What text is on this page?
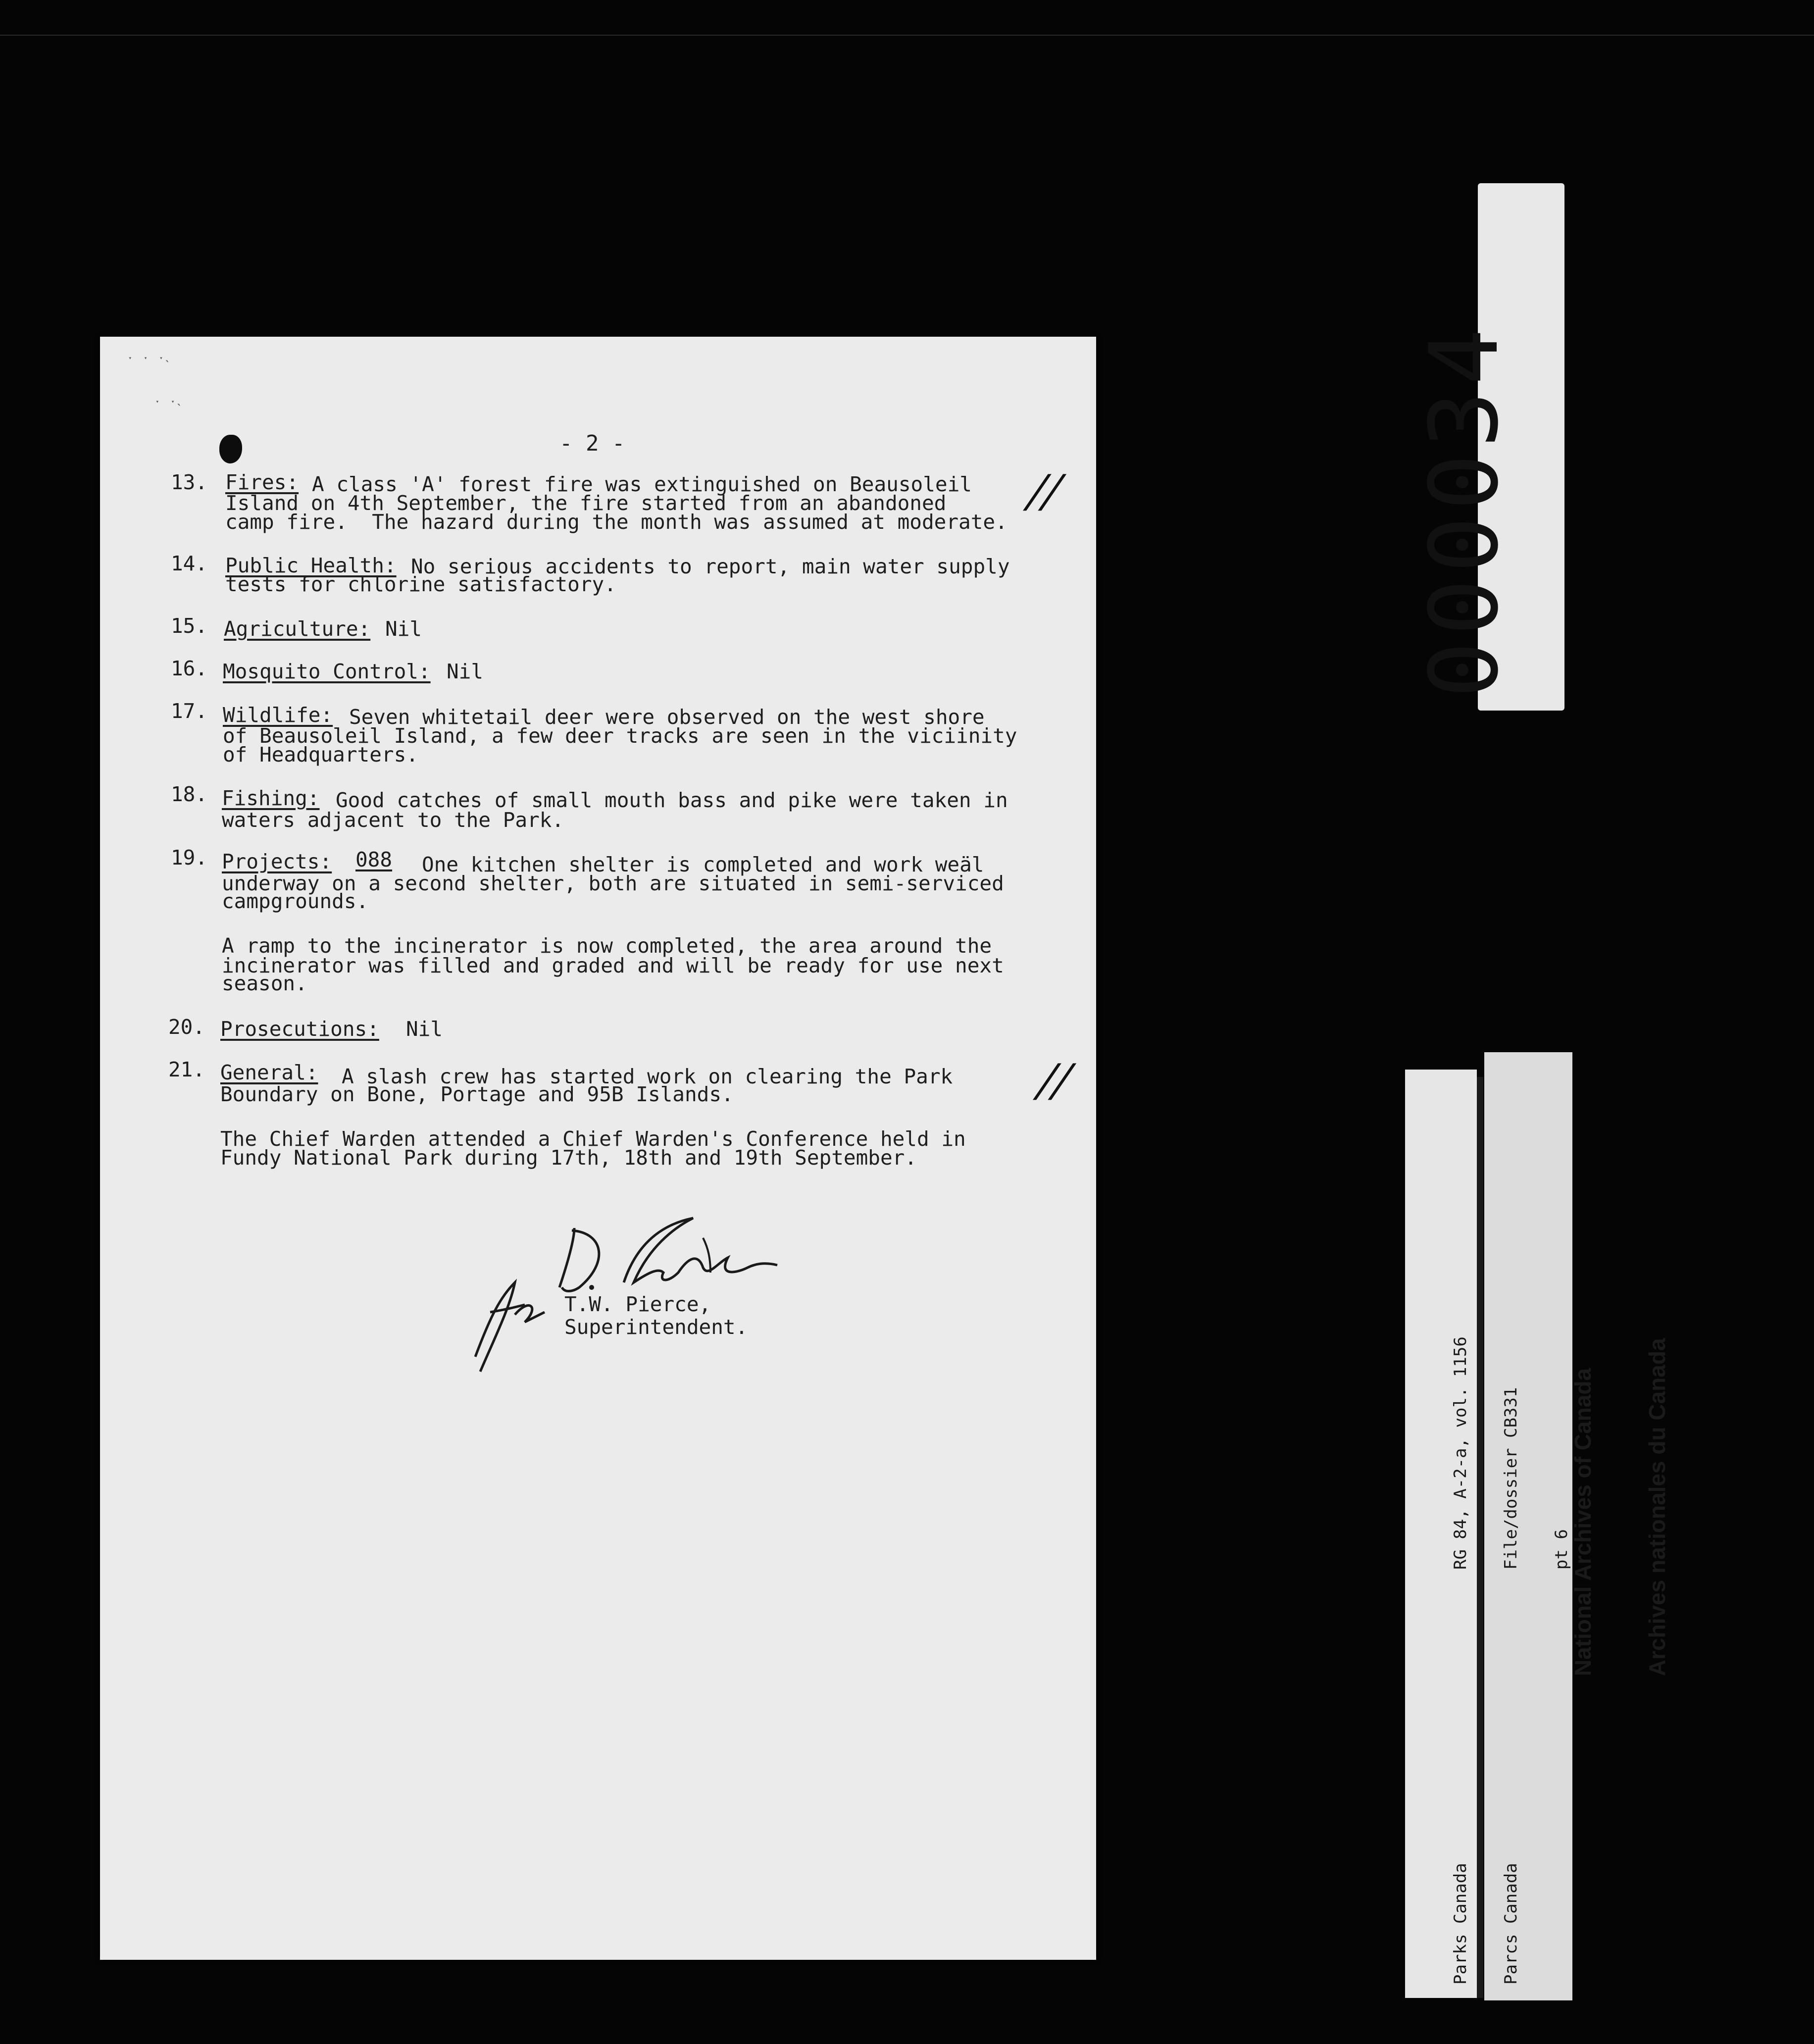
ˑ ˑ ˑ˴
ˑ ˑ˴
- 2 -
13. Fires: A class 'A' forest fire was extinguished on Beausoleil
Island on 4th September, the fire started from an abandoned
camp fire.  The hazard during the month was assumed at moderate.
//
14. Public Health: No serious accidents to report, main water supply
tests for chlorine satisfactory.
15. Agriculture: Nil
16. Mosquito Control: Nil
17. Wildlife: Seven whitetail deer were observed on the west shore
of Beausoleil Island, a few deer tracks are seen in the viciinity
of Headquarters.
18. Fishing: Good catches of small mouth bass and pike were taken in
waters adjacent to the Park.
19. Projects: 088 One kitchen shelter is completed and work weäl
underway on a second shelter, both are situated in semi-serviced
campgrounds.
A ramp to the incinerator is now completed, the area around the
incinerator was filled and graded and will be ready for use next
season.
20. Prosecutions: Nil
21. General: A slash crew has started work on clearing the Park
Boundary on Bone, Portage and 95B Islands.	//
The Chief Warden attended a Chief Warden's Conference held in
Fundy National Park during 17th, 18th and 19th September.
fa D. Baker
T.W. Pierce,
Superintendent.
000034

RG 84, A-2-a, vol. 1156

File/dossier CB331

pt 6

Parks Canada

Parcs Canada

National Archives of Canada

Archives nationales du Canada
